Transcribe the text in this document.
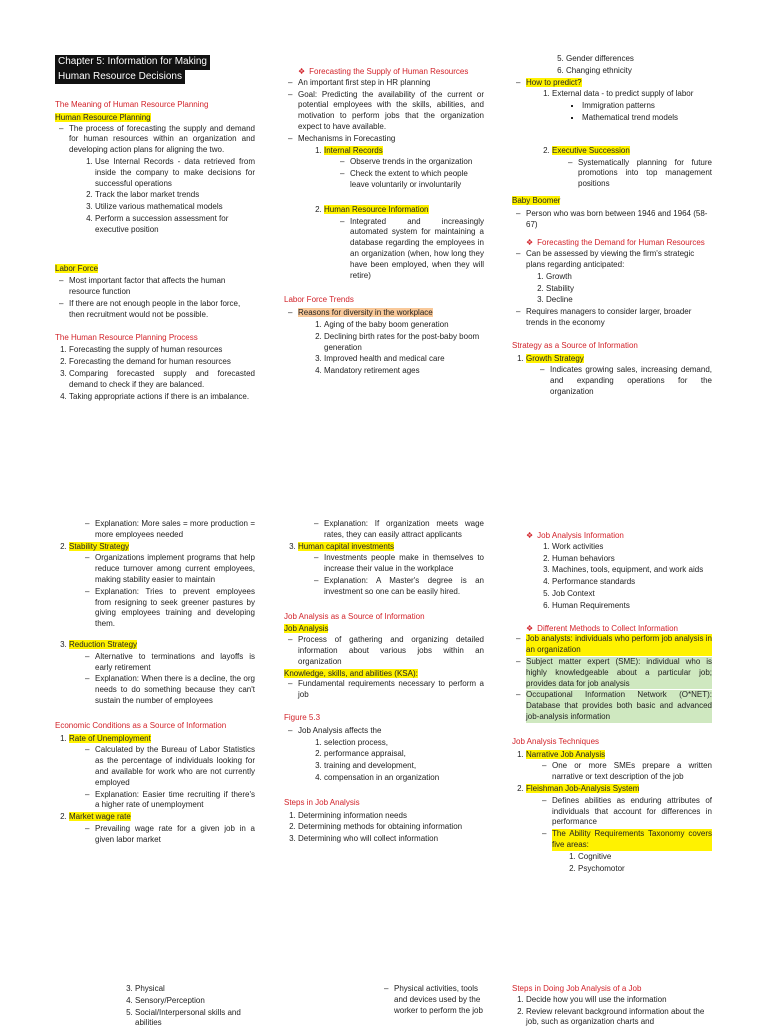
Chapter 5: Information for Making
Human Resource Decisions

The Meaning of Human Resource Planning

Human Resource Planning

– The process of forecasting the supply and demand for human resources within an organization and developing action plans for aligning the two.
1. Use Internal Records - data retrieved from inside the company to make decisions for successful operations
2. Track the labor market trends
3. Utilize various mathematical models
4. Perform a succession assessment for executive position

Labor Force

– Most important factor that affects the human resource function
– If there are not enough people in the labor force, then recruitment would not be possible.

The Human Resource Planning Process

1. Forecasting the supply of human resources
2. Forecasting the demand for human resources
3. Comparing forecasted supply and forecasted demand to check if they are balanced.
4. Taking appropriate actions if there is an imbalance.

❖ Forecasting the Supply of Human Resources

– An important first step in HR planning
– Goal: Predicting the availability of the current or potential employees with the skills, abilities, and motivation to perform jobs that the organization expect to have available.
– Mechanisms in Forecasting
1. Internal Records
– Observe trends in the organization
– Check the extent to which people leave voluntarily or involuntarily
2. Human Resource Information
– Integrated and increasingly automated system for maintaining a database regarding the employees in an organization (when, how long they have been employed, when they will retire)

Labor Force Trends

– Reasons for diversity in the workplace
1. Aging of the baby boom generation
2. Declining birth rates for the post-baby boom generation
3. Improved health and medical care
4. Mandatory retirement ages
5. Gender differences
6. Changing ethnicity
– How to predict?
1. External data - to predict supply of labor
▪ Immigration patterns
▪ Mathematical trend models
2. Executive Succession
– Systematically planning for future promotions into top management positions

Baby Boomer

– Person who was born between 1946 and 1964 (58-67)

❖ Forecasting the Demand for Human Resources

– Can be assessed by viewing the firm's strategic plans regarding anticipated:
1. Growth
2. Stability
3. Decline
– Requires managers to consider larger, broader trends in the economy

Strategy as a Source of Information

1. Growth Strategy
– Indicates growing sales, increasing demand, and expanding operations for the organization
– Explanation: More sales = more production = more employees needed
2. Stability Strategy
– Organizations implement programs that help reduce turnover among current employees, making stability easier to maintain
– Explanation: Tries to prevent employees from resigning to seek greener pastures by giving employees training and developing them.
3. Reduction Strategy
– Alternative to terminations and layoffs is early retirement
– Explanation: When there is a decline, the org needs to do something because they can't sustain the number of employees

Economic Conditions as a Source of Information

1. Rate of Unemployment
– Calculated by the Bureau of Labor Statistics as the percentage of individuals looking for and available for work who are not currently employed
– Explanation: Easier time recruiting if there's a higher rate of unemployment
2. Market wage rate
– Prevailing wage rate for a given job in a given labor market
– Explanation: If organization meets wage rates, they can easily attract applicants
3. Human capital investments
– Investments people make in themselves to increase their value in the workplace
– Explanation: A Master's degree is an investment so one can be easily hired.

Job Analysis as a Source of Information

Job Analysis

– Process of gathering and organizing detailed information about various jobs within an organization

Knowledge, skills, and abilities (KSA):

– Fundamental requirements necessary to perform a job

Figure 5.3

– Job Analysis affects the
1. selection process,
2. performance appraisal,
3. training and development,
4. compensation in an organization

Steps in Job Analysis

1. Determining information needs
2. Determining methods for obtaining information
3. Determining who will collect information

❖ Job Analysis Information

1. Work activities
2. Human behaviors
3. Machines, tools, equipment, and work aids
4. Performance standards
5. Job Context
6. Human Requirements

❖ Different Methods to Collect Information

– Job analysts: individuals who perform job analysis in an organization
– Subject matter expert (SME): individual who is highly knowledgeable about a particular job; provides data for job analysis
– Occupational Information Network (O*NET): Database that provides both basic and advanced job-analysis information

Job Analysis Techniques

1. Narrative Job Analysis
– One or more SMEs prepare a written narrative or text description of the job
2. Fleishman Job-Analysis System
– Defines abilities as enduring attributes of individuals that account for differences in performance
– The Ability Requirements Taxonomy covers five areas:
1. Cognitive
2. Psychomotor
3. Physical
4. Sensory/Perception
5. Social/Interpersonal skills and abilities
– Physical activities, tools and devices used by the worker to perform the job

Steps in Doing Job Analysis of a Job

1. Decide how you will use the information
2. Review relevant background information about the job, such as organization charts and
